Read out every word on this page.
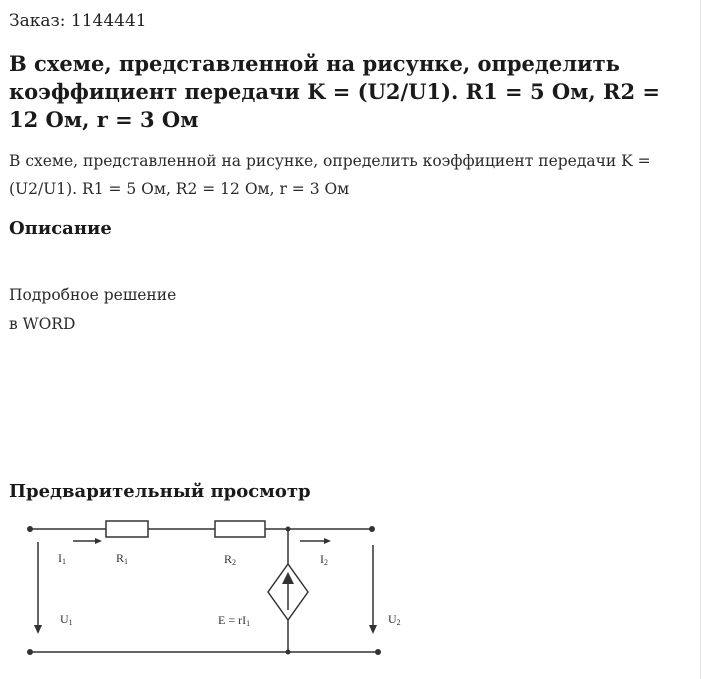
Заказ: 1144441
В схеме, представленной на рисунке, определить коэффициент передачи K = (U2/U1). R1 = 5 Ом, R2 = 12 Ом, r = 3 Ом
В схеме, представленной на рисунке, определить коэффициент передачи K = (U2/U1). R1 = 5 Ом, R2 = 12 Ом, r = 3 Ом
Описание
Подробное решение
в WORD
Предварительный просмотр
I1	R1	R2	I2
U1	E = rI1	U2
